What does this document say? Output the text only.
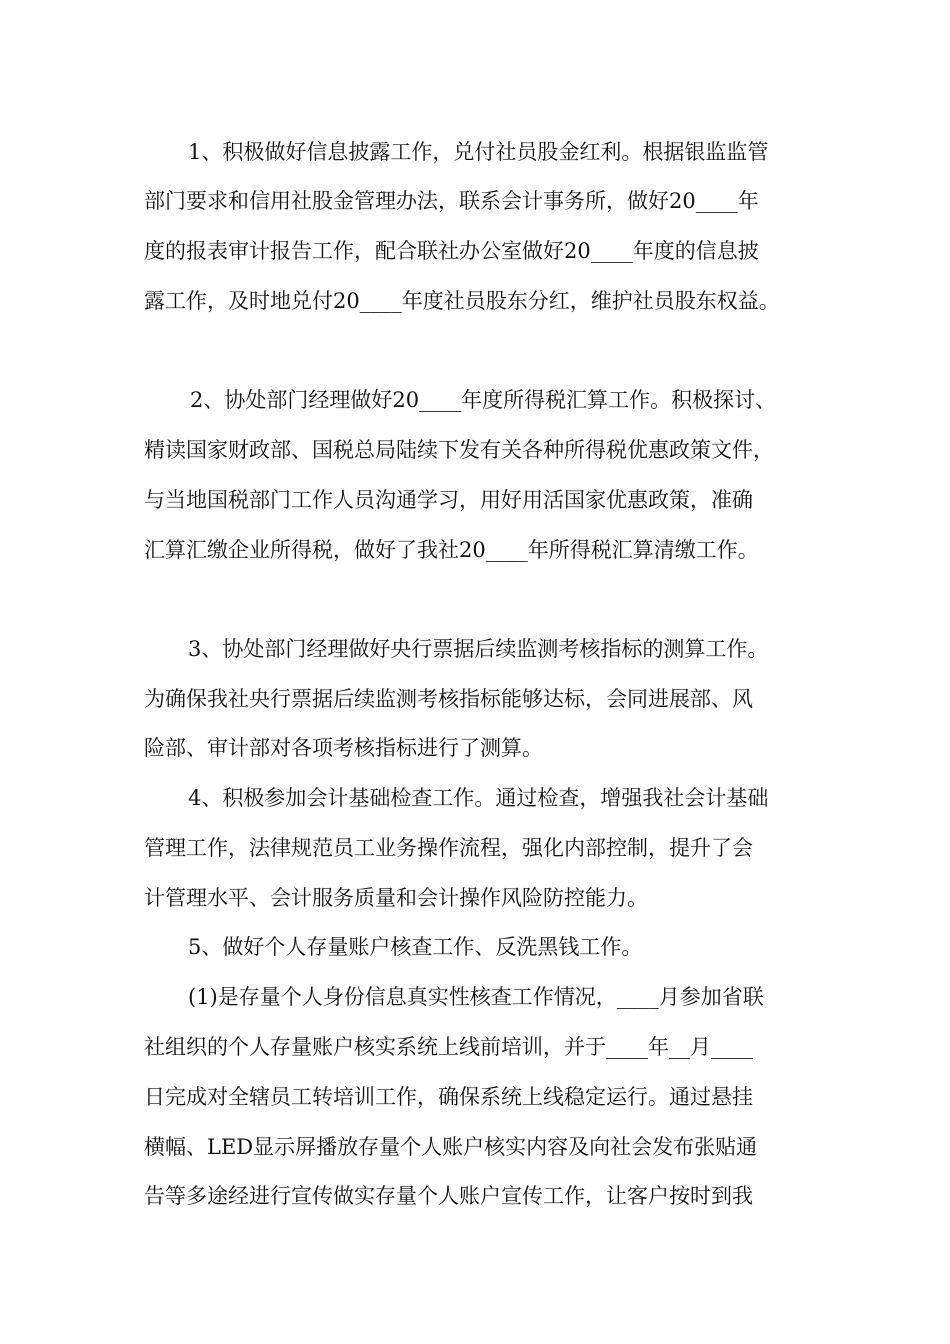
1、积极做好信息披露工作，兑付社员股金红利。根据银监监管
部门要求和信用社股金管理办法，联系会计事务所，做好20____年
度的报表审计报告工作，配合联社办公室做好20____年度的信息披
露工作，及时地兑付20____年度社员股东分红，维护社员股东权益。
2、协处部门经理做好20____年度所得税汇算工作。积极探讨、
精读国家财政部、国税总局陆续下发有关各种所得税优惠政策文件，
与当地国税部门工作人员沟通学习，用好用活国家优惠政策，准确
汇算汇缴企业所得税，做好了我社20____年所得税汇算清缴工作。
3、协处部门经理做好央行票据后续监测考核指标的测算工作。
为确保我社央行票据后续监测考核指标能够达标，会同进展部、风
险部、审计部对各项考核指标进行了测算。
4、积极参加会计基础检查工作。通过检查，增强我社会计基础
管理工作，法律规范员工业务操作流程，强化内部控制，提升了会
计管理水平、会计服务质量和会计操作风险防控能力。
5、做好个人存量账户核查工作、反洗黑钱工作。
(1)是存量个人身份信息真实性核查工作情况，____月参加省联
社组织的个人存量账户核实系统上线前培训，并于____年__月____
日完成对全辖员工转培训工作，确保系统上线稳定运行。通过悬挂
横幅、LED显示屏播放存量个人账户核实内容及向社会发布张贴通
告等多途经进行宣传做实存量个人账户宣传工作，让客户按时到我
